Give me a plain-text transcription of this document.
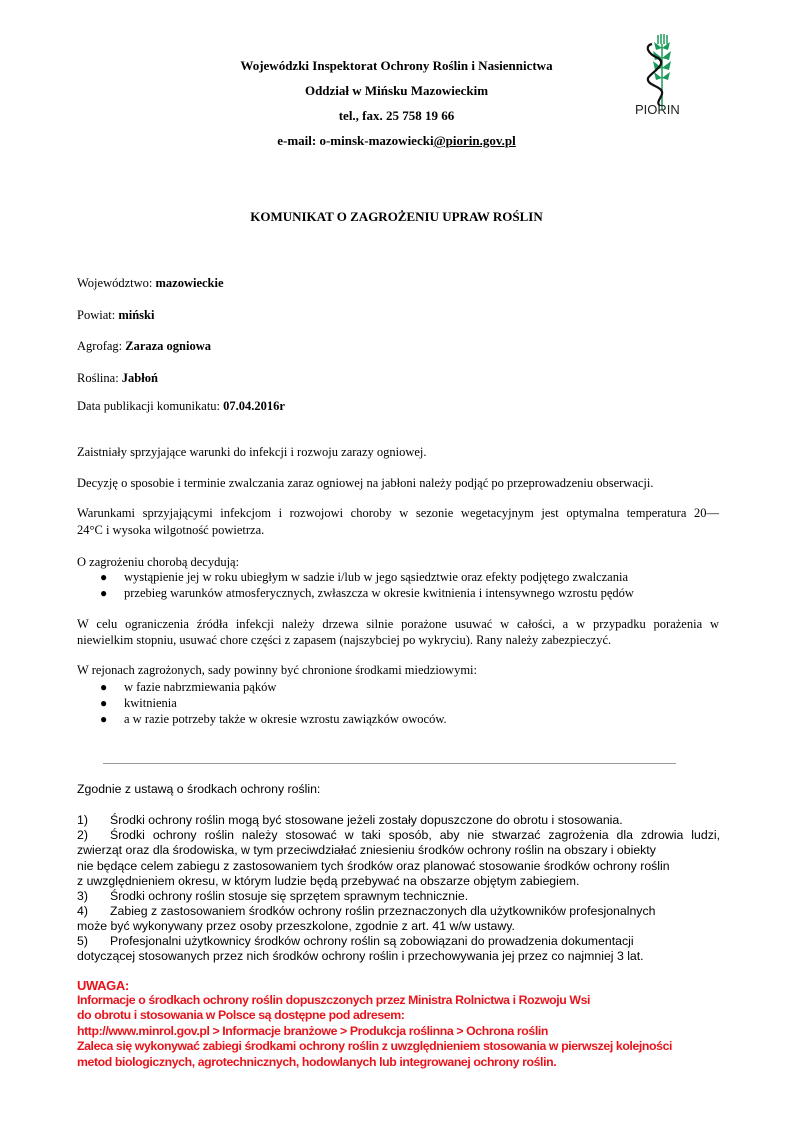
Wojewódzki Inspektorat Ochrony Roślin i Nasiennictwa
Oddział w Mińsku Mazowieckim
tel., fax. 25 758 19 66
e-mail: o-minsk-mazowiecki@piorin.gov.pl
PIORIN
KOMUNIKAT O ZAGROŻENIU UPRAW ROŚLIN
Województwo: mazowieckie
Powiat: miński
Agrofag: Zaraza ogniowa
Roślina: Jabłoń
Data publikacji komunikatu: 07.04.2016r
Zaistniały sprzyjające warunki do infekcji i rozwoju zarazy ogniowej.
Decyzję o sposobie i terminie zwalczania zaraz ogniowej na jabłoni należy podjąć po przeprowadzeniu obserwacji.
Warunkami sprzyjającymi infekcjom i rozwojowi choroby w sezonie wegetacyjnym jest optymalna temperatura 20—
24°C i wysoka wilgotność powietrza.
O zagrożeniu chorobą decydują:
● wystąpienie jej w roku ubiegłym w sadzie i/lub w jego sąsiedztwie oraz efekty podjętego zwalczania
● przebieg warunków atmosferycznych, zwłaszcza w okresie kwitnienia i intensywnego wzrostu pędów
W celu ograniczenia źródła infekcji należy drzewa silnie porażone usuwać w całości, a w przypadku porażenia w
niewielkim stopniu, usuwać chore części z zapasem (najszybciej po wykryciu). Rany należy zabezpieczyć.
W rejonach zagrożonych, sady powinny być chronione środkami miedziowymi:
● w fazie nabrzmiewania pąków
● kwitnienia
● a w razie potrzeby także w okresie wzrostu zawiązków owoców.
Zgodnie z ustawą o środkach ochrony roślin:
1) Środki ochrony roślin mogą być stosowane jeżeli zostały dopuszczone do obrotu i stosowania.
2) Środki ochrony roślin należy stosować w taki sposób, aby nie stwarzać zagrożenia dla zdrowia ludzi,
zwierząt oraz dla środowiska, w tym przeciwdziałać zniesieniu środków ochrony roślin na obszary i obiekty
nie będące celem zabiegu z zastosowaniem tych środków oraz planować stosowanie środków ochrony roślin
z uwzględnieniem okresu, w którym ludzie będą przebywać na obszarze objętym zabiegiem.
3) Środki ochrony roślin stosuje się sprzętem sprawnym technicznie.
4) Zabieg z zastosowaniem środków ochrony roślin przeznaczonych dla użytkowników profesjonalnych
może być wykonywany przez osoby przeszkolone, zgodnie z art. 41 w/w ustawy.
5) Profesjonalni użytkownicy środków ochrony roślin są zobowiązani do prowadzenia dokumentacji
dotyczącej stosowanych przez nich środków ochrony roślin i przechowywania jej przez co najmniej 3 lat.
UWAGA:
Informacje o środkach ochrony roślin dopuszczonych przez Ministra Rolnictwa i Rozwoju Wsi
do obrotu i stosowania w Polsce są dostępne pod adresem:
http://www.minrol.gov.pl > Informacje branżowe > Produkcja roślinna > Ochrona roślin
Zaleca się wykonywać zabiegi środkami ochrony roślin z uwzględnieniem stosowania w pierwszej kolejności
metod biologicznych, agrotechnicznych, hodowlanych lub integrowanej ochrony roślin.
